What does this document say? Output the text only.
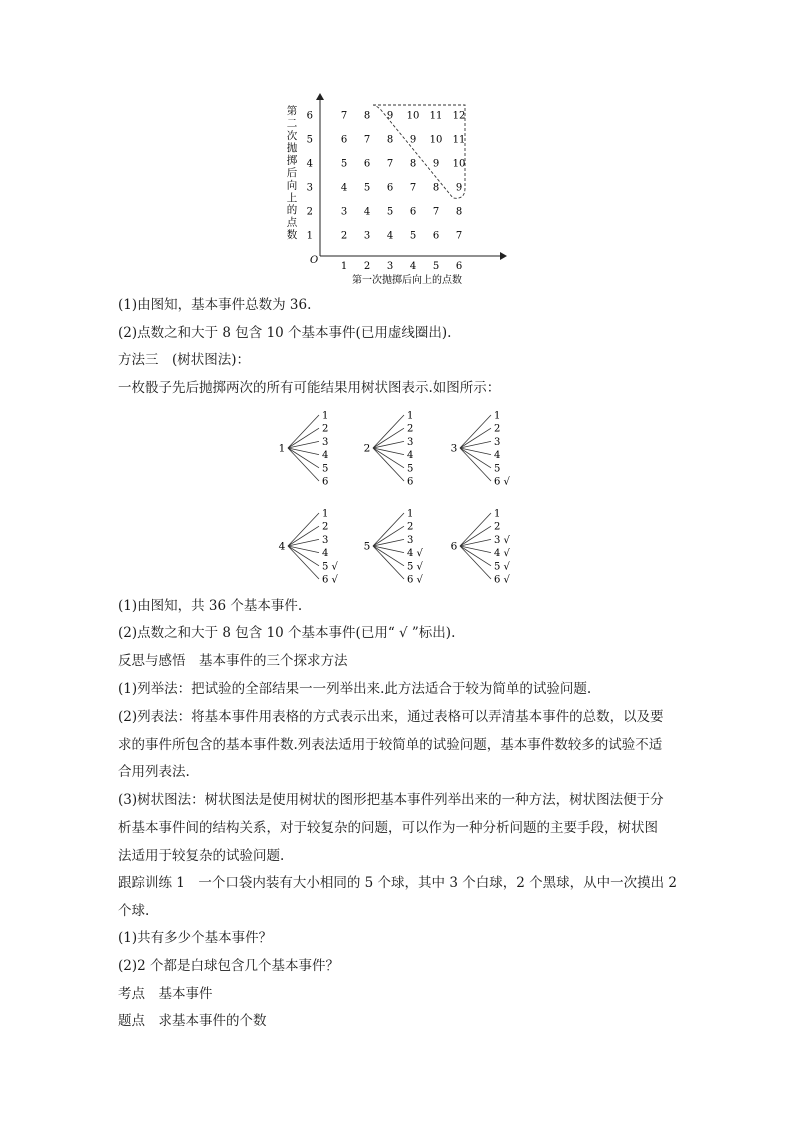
O
第
二
次
抛
掷
后
向
上
的
点
数 1
2
3
4
5
6
1 2 3 4 5 6
第一次抛掷后向上的点数
2 3 4 5 6 7
3 4 5 6 7 8
4 5 6 7 8 9
5 6 7 8 9 10
6 7 8 9 10 11
7 8 9 10 11 12
(1)由图知，基本事件总数为 36.
(2)点数之和大于 8 包含 10 个基本事件(已用虚线圈出).
方法三　(树状图法)：
一枚骰子先后抛掷两次的所有可能结果用树状图表示.如图所示：
1
1
2
3
4
5
6
2
1
2
3
4
5
6
3
1
2
3
4
5
6 √
4
1
2
3
4
5 √
6 √
5
1
2
3
4 √
5 √
6 √
6
1
2
3 √
4 √
5 √
6 √
(1)由图知，共 36 个基本事件.
(2)点数之和大于 8 包含 10 个基本事件(已用“ √ ”标出).
反思与感悟　基本事件的三个探求方法
(1)列举法：把试验的全部结果一一列举出来.此方法适合于较为简单的试验问题.
(2)列表法：将基本事件用表格的方式表示出来，通过表格可以弄清基本事件的总数，以及要
求的事件所包含的基本事件数.列表法适用于较简单的试验问题，基本事件数较多的试验不适
合用列表法.
(3)树状图法：树状图法是使用树状的图形把基本事件列举出来的一种方法，树状图法便于分
析基本事件间的结构关系，对于较复杂的问题，可以作为一种分析问题的主要手段，树状图
法适用于较复杂的试验问题.
跟踪训练 1　一个口袋内装有大小相同的 5 个球，其中 3 个白球，2 个黑球，从中一次摸出 2
个球.
(1)共有多少个基本事件？
(2)2 个都是白球包含几个基本事件？
考点　基本事件
题点　求基本事件的个数
